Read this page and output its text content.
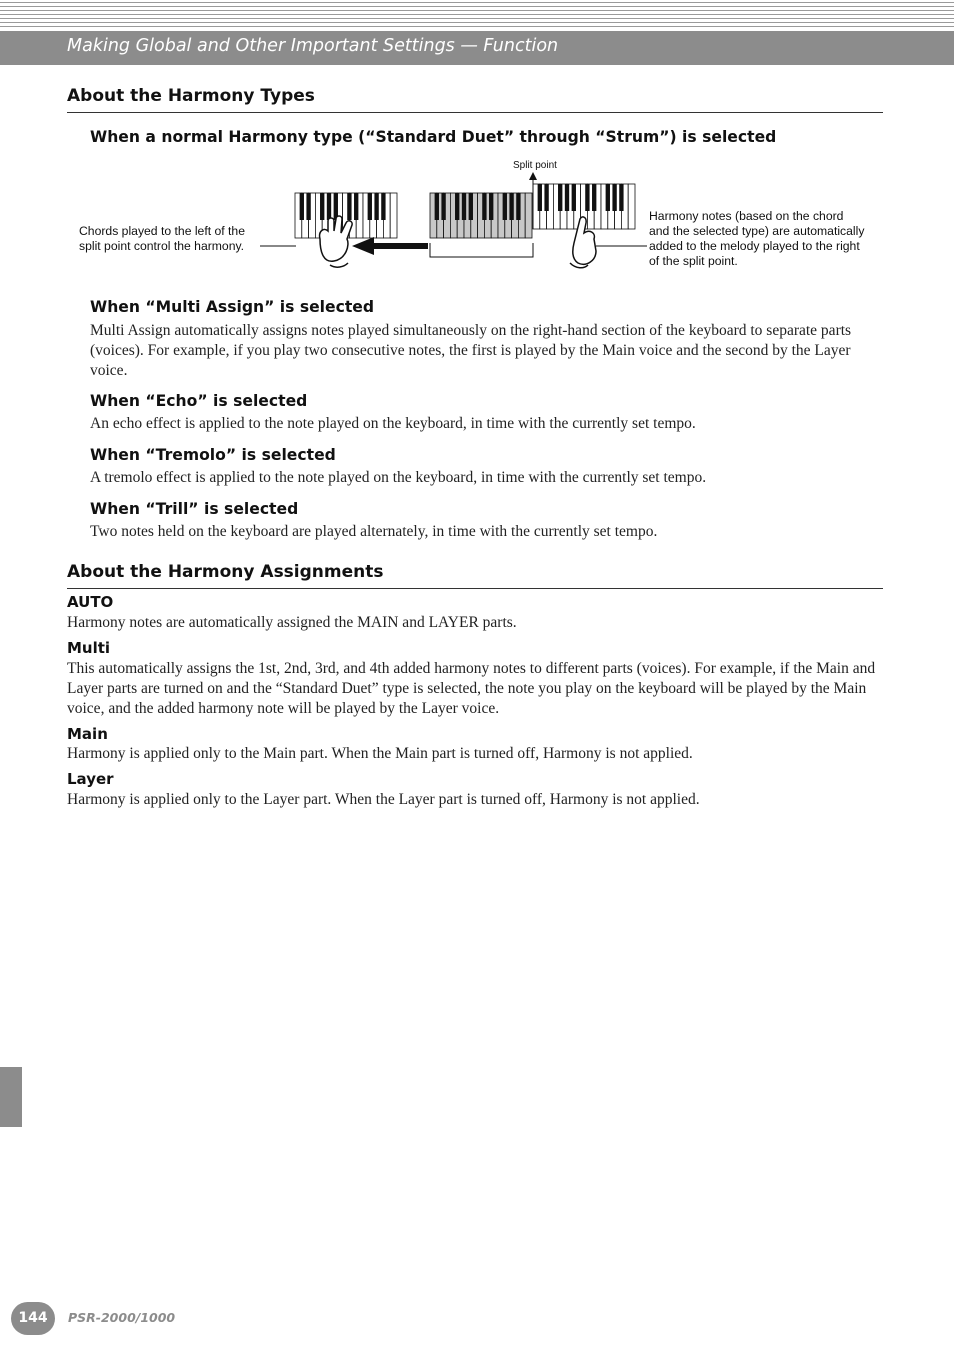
Making Global and Other Important Settings — Function
About the Harmony Types
When a normal Harmony type (“Standard Duet” through “Strum”) is selected
Split point
Chords played to the left of the
split point control the harmony.
Harmony notes (based on the chord
and the selected type) are automatically
added to the melody played to the right
of the split point.
When “Multi Assign” is selected
Multi Assign automatically assigns notes played simultaneously on the right-hand section of the keyboard to separate parts (voices). For example, if you play two consecutive notes, the first is played by the Main voice and the second by the Layer voice.
When “Echo” is selected
An echo effect is applied to the note played on the keyboard, in time with the currently set tempo.
When “Tremolo” is selected
A tremolo effect is applied to the note played on the keyboard, in time with the currently set tempo.
When “Trill” is selected
Two notes held on the keyboard are played alternately, in time with the currently set tempo.
About the Harmony Assignments
AUTO
Harmony notes are automatically assigned the MAIN and LAYER parts.
Multi
This automatically assigns the 1st, 2nd, 3rd, and 4th added harmony notes to different parts (voices). For example, if the Main and Layer parts are turned on and the “Standard Duet” type is selected, the note you play on the keyboard will be played by the Main voice, and the added harmony note will be played by the Layer voice.
Main
Harmony is applied only to the Main part. When the Main part is turned off, Harmony is not applied.
Layer
Harmony is applied only to the Layer part. When the Layer part is turned off, Harmony is not applied.
144	PSR-2000/1000
